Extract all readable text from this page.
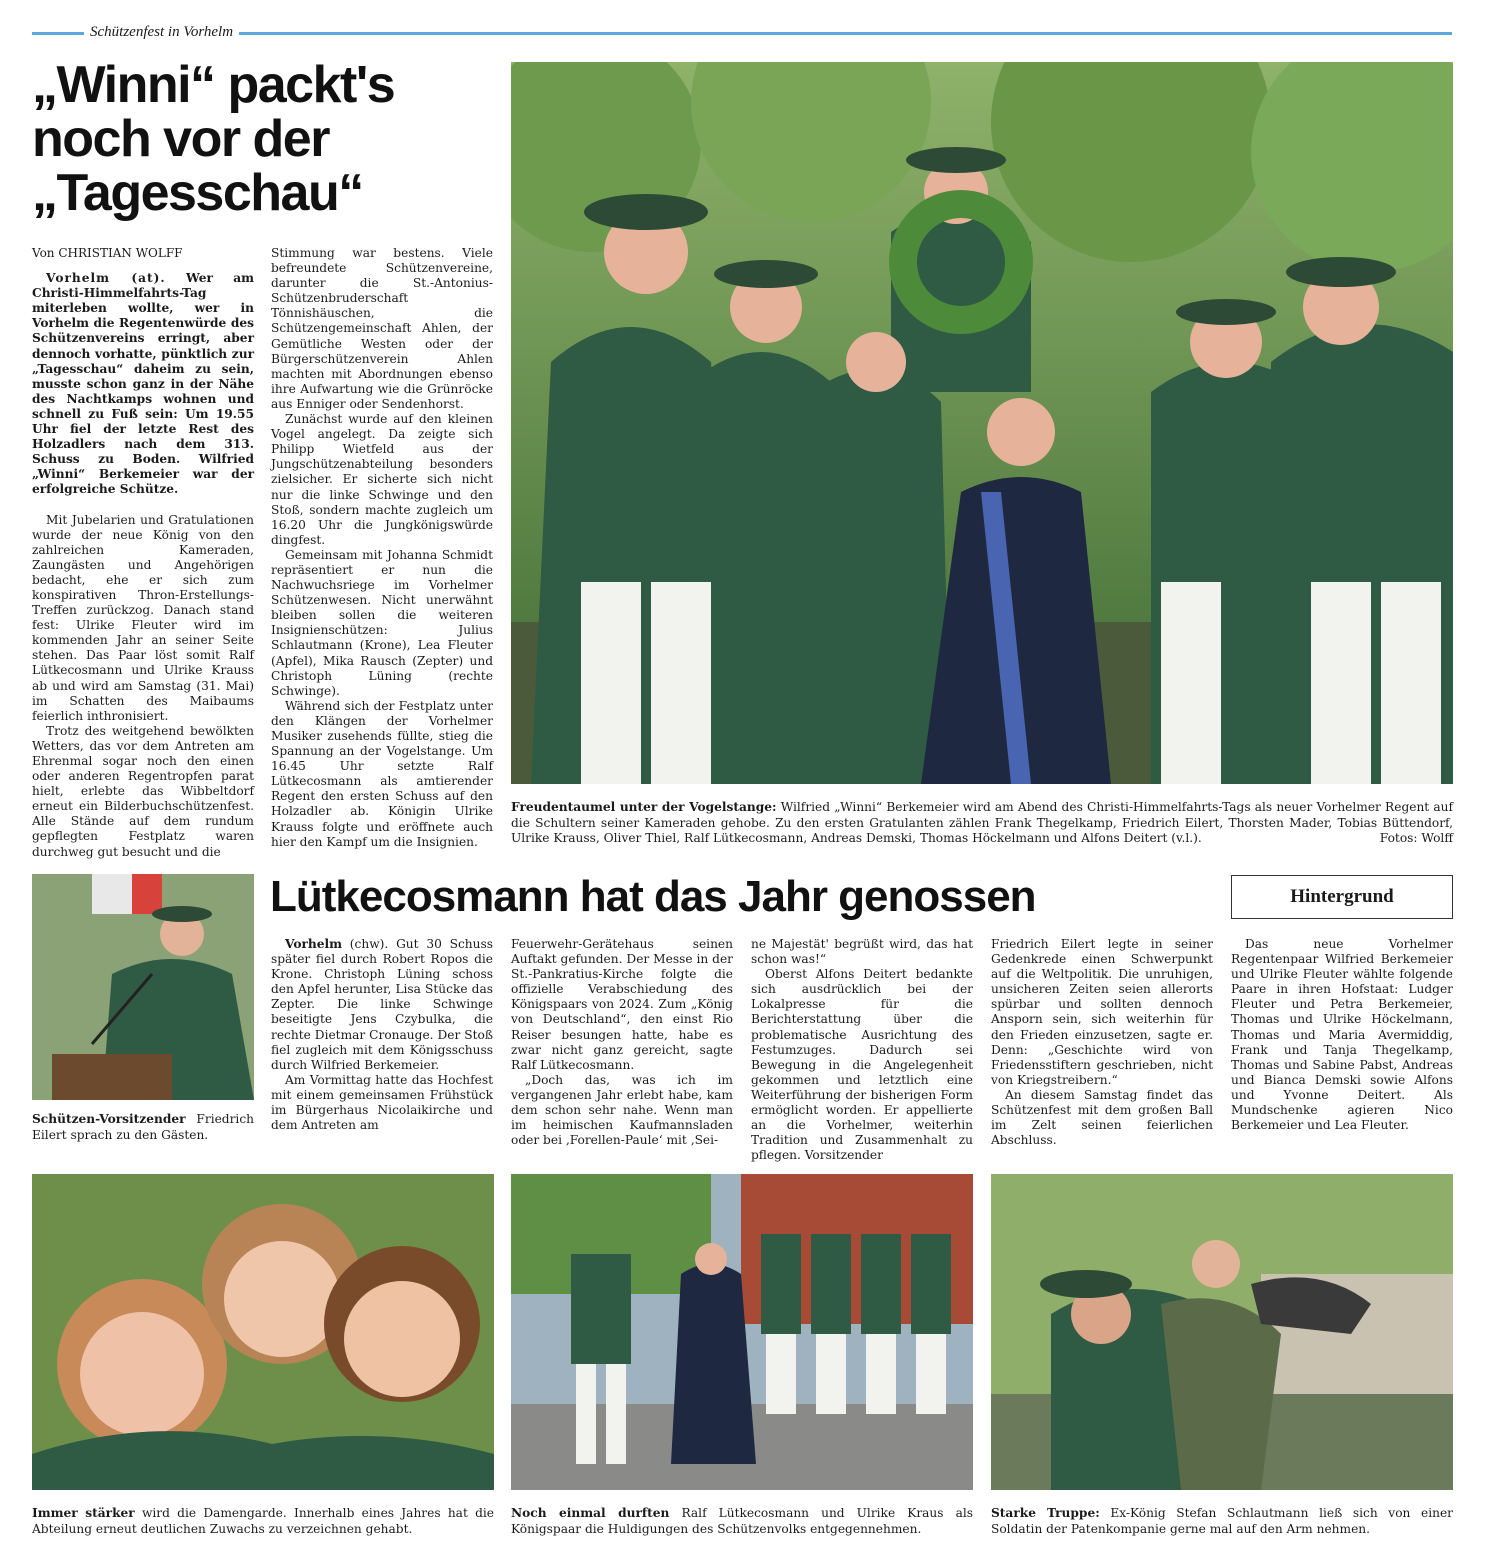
Schützenfest in Vorhelm
„Winni“ packt's noch vor der „Tagesschau“
Von CHRISTIAN WOLFF

Vorhelm (at). Wer am Christi-Himmelfahrts-Tag miterleben wollte, wer in Vorhelm die Regentenwürde des Schützenvereins erringt, aber dennoch vorhatte, pünktlich zur „Tagesschau“ daheim zu sein, musste schon ganz in der Nähe des Nachtkamps wohnen und schnell zu Fuß sein: Um 19.55 Uhr fiel der letzte Rest des Holzadlers nach dem 313. Schuss zu Boden. Wilfried „Winni“ Berkemeier war der erfolgreiche Schütze.

Mit Jubelarien und Gratulationen wurde der neue König von den zahlreichen Kameraden, Zaungästen und Angehörigen bedacht, ehe er sich zum konspirativen Thron-Erstellungs-Treffen zurückzog. Danach stand fest: Ulrike Fleuter wird im kommenden Jahr an seiner Seite stehen. Das Paar löst somit Ralf Lütkecosmann und Ulrike Krauss ab und wird am Samstag (31. Mai) im Schatten des Maibaums feierlich inthronisiert.

Trotz des weitgehend bewölkten Wetters, das vor dem Antreten am Ehrenmal sogar noch den einen oder anderen Regentropfen parat hielt, erlebte das Wibbeltdorf erneut ein Bilderbuchschützenfest. Alle Stände auf dem rundum gepflegten Festplatz waren durchweg gut besucht und die

Stimmung war bestens. Viele befreundete Schützenvereine, darunter die St.-Antonius-Schützenbruderschaft Tönnishäuschen, die Schützengemeinschaft Ahlen, der Gemütliche Westen oder der Bürgerschützenverein Ahlen machten mit Abordnungen ebenso ihre Aufwartung wie die Grünröcke aus Enniger oder Sendenhorst.

Zunächst wurde auf den kleinen Vogel angelegt. Da zeigte sich Philipp Wietfeld aus der Jungschützenabteilung besonders zielsicher. Er sicherte sich nicht nur die linke Schwinge und den Stoß, sondern machte zugleich um 16.20 Uhr die Jungkönigswürde dingfest.

Gemeinsam mit Johanna Schmidt repräsentiert er nun die Nachwuchsriege im Vorhelmer Schützenwesen. Nicht unerwähnt bleiben sollen die weiteren Insignienschützen: Julius Schlautmann (Krone), Lea Fleuter (Apfel), Mika Rausch (Zepter) und Christoph Lüning (rechte Schwinge).

Während sich der Festplatz unter den Klängen der Vorhelmer Musiker zusehends füllte, stieg die Spannung an der Vogelstange. Um 16.45 Uhr setzte Ralf Lütkecosmann als amtierender Regent den ersten Schuss auf den Holzadler ab. Königin Ulrike Krauss folgte und eröffnete auch hier den Kampf um die Insignien.

Freudentaumel unter der Vogelstange: Wilfried „Winni“ Berkemeier wird am Abend des Christi-Himmelfahrts-Tags als neuer Vorhelmer Regent auf die Schultern seiner Kameraden gehobe. Zu den ersten Gratulanten zählen Frank Thegelkamp, Friedrich Eilert, Thorsten Mader, Tobias Büttendorf, Ulrike Krauss, Oliver Thiel, Ralf Lütkecosmann, Andreas Demski, Thomas Höckelmann und Alfons Deitert (v.l.).	Fotos: Wolff
Lütkecosmann hat das Jahr genossen	Hintergrund
Schützen-Vorsitzender Friedrich Eilert sprach zu den Gästen.

Vorhelm (chw). Gut 30 Schuss später fiel durch Robert Ropos die Krone. Christoph Lüning schoss den Apfel herunter, Lisa Stücke das Zepter. Die linke Schwinge beseitigte Jens Czybulka, die rechte Dietmar Cronauge. Der Stoß fiel zugleich mit dem Königsschuss durch Wilfried Berkemeier.

Am Vormittag hatte das Hochfest mit einem gemeinsamen Frühstück im Bürgerhaus Nicolaikirche und dem Antreten am

Feuerwehr-Gerätehaus seinen Auftakt gefunden. Der Messe in der St.-Pankratius-Kirche folgte die offizielle Verabschiedung des Königspaars von 2024. Zum „König von Deutschland“, den einst Rio Reiser besungen hatte, habe es zwar nicht ganz gereicht, sagte Ralf Lütkecosmann.

„Doch das, was ich im vergangenen Jahr erlebt habe, kam dem schon sehr nahe. Wenn man im heimischen Kaufmannsladen oder bei ‚Forellen-Paule‘ mit ‚Sei-

ne Majestät' begrüßt wird, das hat schon was!“

Oberst Alfons Deitert bedankte sich ausdrücklich bei der Lokalpresse für die Berichterstattung über die problematische Ausrichtung des Festumzuges. Dadurch sei Bewegung in die Angelegenheit gekommen und letztlich eine Weiterführung der bisherigen Form ermöglicht worden. Er appellierte an die Vorhelmer, weiterhin Tradition und Zusammenhalt zu pflegen. Vorsitzender

Friedrich Eilert legte in seiner Gedenkrede einen Schwerpunkt auf die Weltpolitik. Die unruhigen, unsicheren Zeiten seien allerorts spürbar und sollten dennoch Ansporn sein, sich weiterhin für den Frieden einzusetzen, sagte er. Denn: „Geschichte wird von Friedensstiftern geschrieben, nicht von Kriegstreibern.“

An diesem Samstag findet das Schützenfest mit dem großen Ball im Zelt seinen feierlichen Abschluss.

Das neue Vorhelmer Regentenpaar Wilfried Berkemeier und Ulrike Fleuter wählte folgende Paare in ihren Hofstaat: Ludger Fleuter und Petra Berkemeier, Thomas und Ulrike Höckelmann, Thomas und Maria Avermiddig, Frank und Tanja Thegelkamp, Thomas und Sabine Pabst, Andreas und Bianca Demski sowie Alfons und Yvonne Deitert. Als Mundschenke agieren Nico Berkemeier und Lea Fleuter.

Immer stärker wird die Damengarde. Innerhalb eines Jahres hat die Abteilung erneut deutlichen Zuwachs zu verzeichnen gehabt.
Noch einmal durften Ralf Lütkecosmann und Ulrike Kraus als Königspaar die Huldigungen des Schützenvolks entgegennehmen.
Starke Truppe: Ex-König Stefan Schlautmann ließ sich von einer Soldatin der Patenkompanie gerne mal auf den Arm nehmen.
